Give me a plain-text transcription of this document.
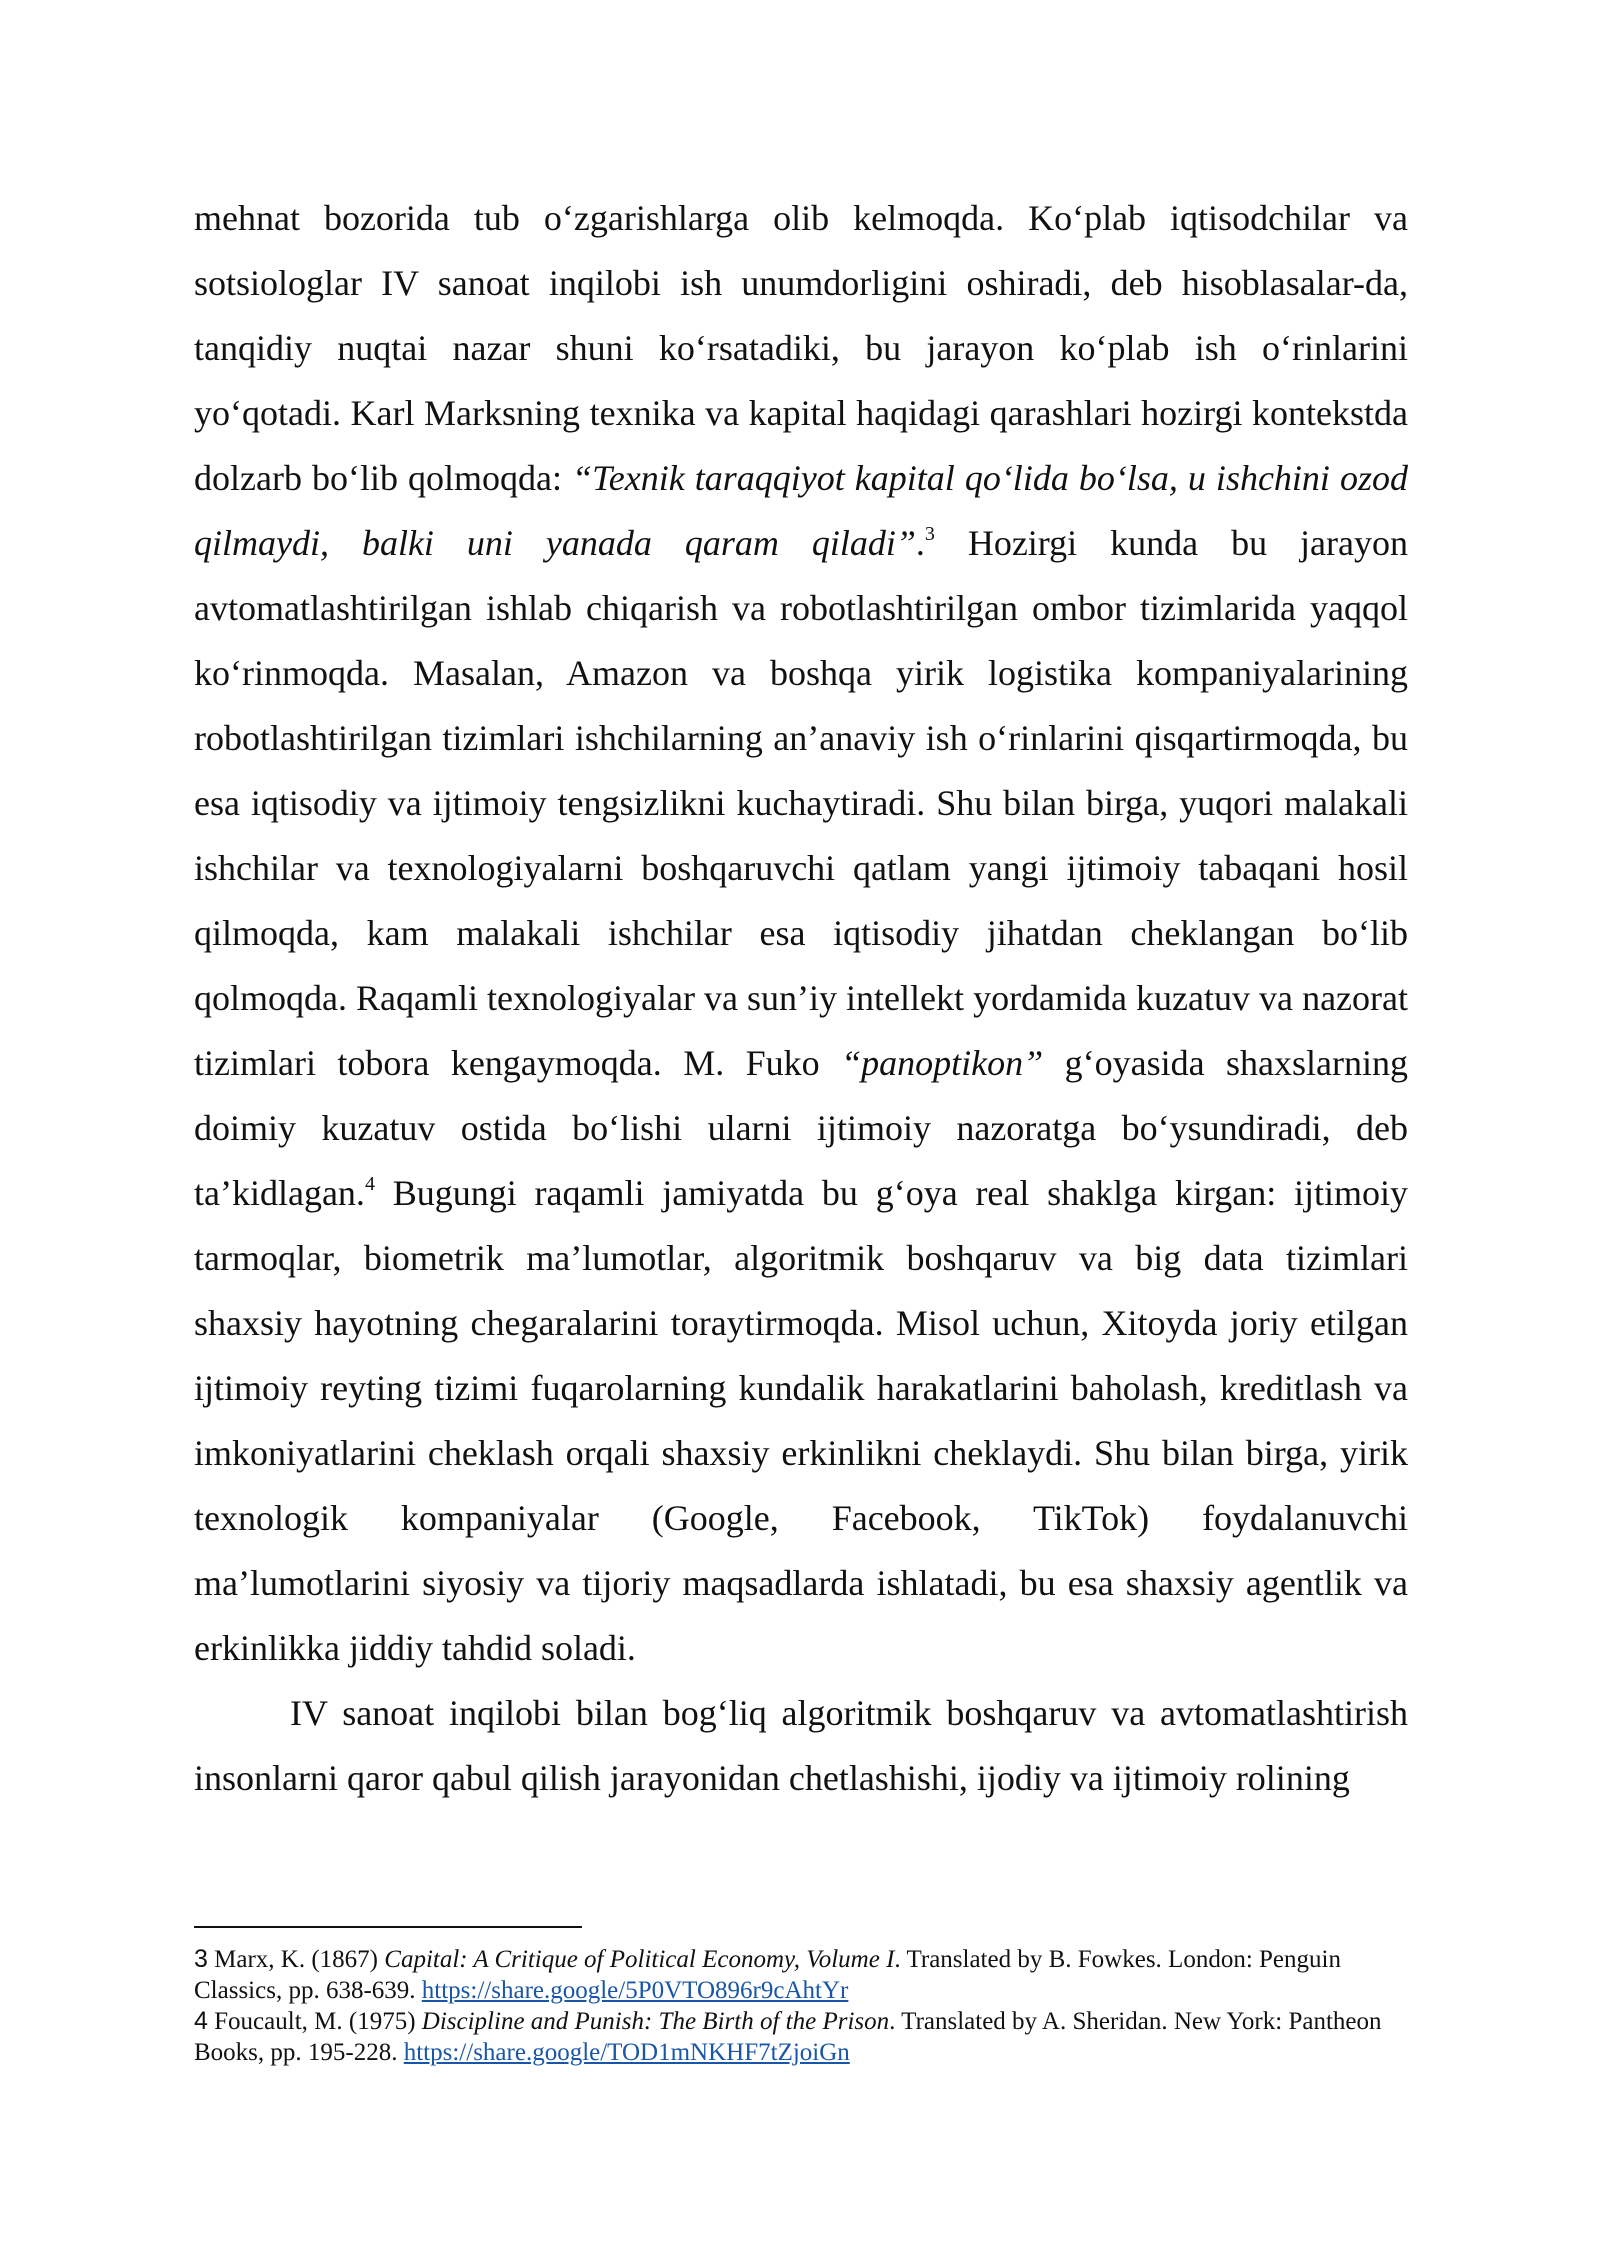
mehnat bozorida tub o‘zgarishlarga olib kelmoqda. Ko‘plab iqtisodchilar va sotsiologlar IV sanoat inqilobi ish unumdorligini oshiradi, deb hisoblasalar-da, tanqidiy nuqtai nazar shuni ko‘rsatadiki, bu jarayon ko‘plab ish o‘rinlarini yo‘qotadi. Karl Marksning texnika va kapital haqidagi qarashlari hozirgi kontekstda dolzarb bo‘lib qolmoqda: “Texnik taraqqiyot kapital qo‘lida bo‘lsa, u ishchini ozod qilmaydi, balki uni yanada qaram qiladi”.$^3$ Hozirgi kunda bu jarayon avtomatlashtirilgan ishlab chiqarish va robotlashtirilgan ombor tizimlarida yaqqol ko‘rinmoqda. Masalan, Amazon va boshqa yirik logistika kompaniyalarining robotlashtirilgan tizimlari ishchilarning an’anaviy ish o‘rinlarini qisqartirmoqda, bu esa iqtisodiy va ijtimoiy tengsizlikni kuchaytiradi. Shu bilan birga, yuqori malakali ishchilar va texnologiyalarni boshqaruvchi qatlam yangi ijtimoiy tabaqani hosil qilmoqda, kam malakali ishchilar esa iqtisodiy jihatdan cheklangan bo‘lib qolmoqda. Raqamli texnologiyalar va sun’iy intellekt yordamida kuzatuv va nazorat tizimlari tobora kengaymoqda. M. Fuko “panoptikon” g‘oyasida shaxslarning doimiy kuzatuv ostida bo‘lishi ularni ijtimoiy nazoratga bo‘ysundiradi, deb ta’kidlagan.$^4$ Bugungi raqamli jamiyatda bu g‘oya real shaklga kirgan: ijtimoiy tarmoqlar, biometrik ma’lumotlar, algoritmik boshqaruv va big data tizimlari shaxsiy hayotning chegaralarini toraytirmoqda. Misol uchun, Xitoyda joriy etilgan ijtimoiy reyting tizimi fuqarolarning kundalik harakatlarini baholash, kreditlash va imkoniyatlarini cheklash orqali shaxsiy erkinlikni cheklaydi. Shu bilan birga, yirik texnologik kompaniyalar (Google, Facebook, TikTok) foydalanuvchi ma’lumotlarini siyosiy va tijoriy maqsadlarda ishlatadi, bu esa shaxsiy agentlik va erkinlikka jiddiy tahdid soladi.

IV sanoat inqilobi bilan bog‘liq algoritmik boshqaruv va avtomatlashtirish insonlarni qaror qabul qilish jarayonidan chetlashishi, ijodiy va ijtimoiy rolining

3 Marx, K. (1867) Capital: A Critique of Political Economy, Volume I. Translated by B. Fowkes. London: Penguin Classics, pp. 638-639. https://share.google/5P0VTO896r9cAhtYr

4 Foucault, M. (1975) Discipline and Punish: The Birth of the Prison. Translated by A. Sheridan. New York: Pantheon Books, pp. 195-228. https://share.google/TOD1mNKHF7tZjoiGn
